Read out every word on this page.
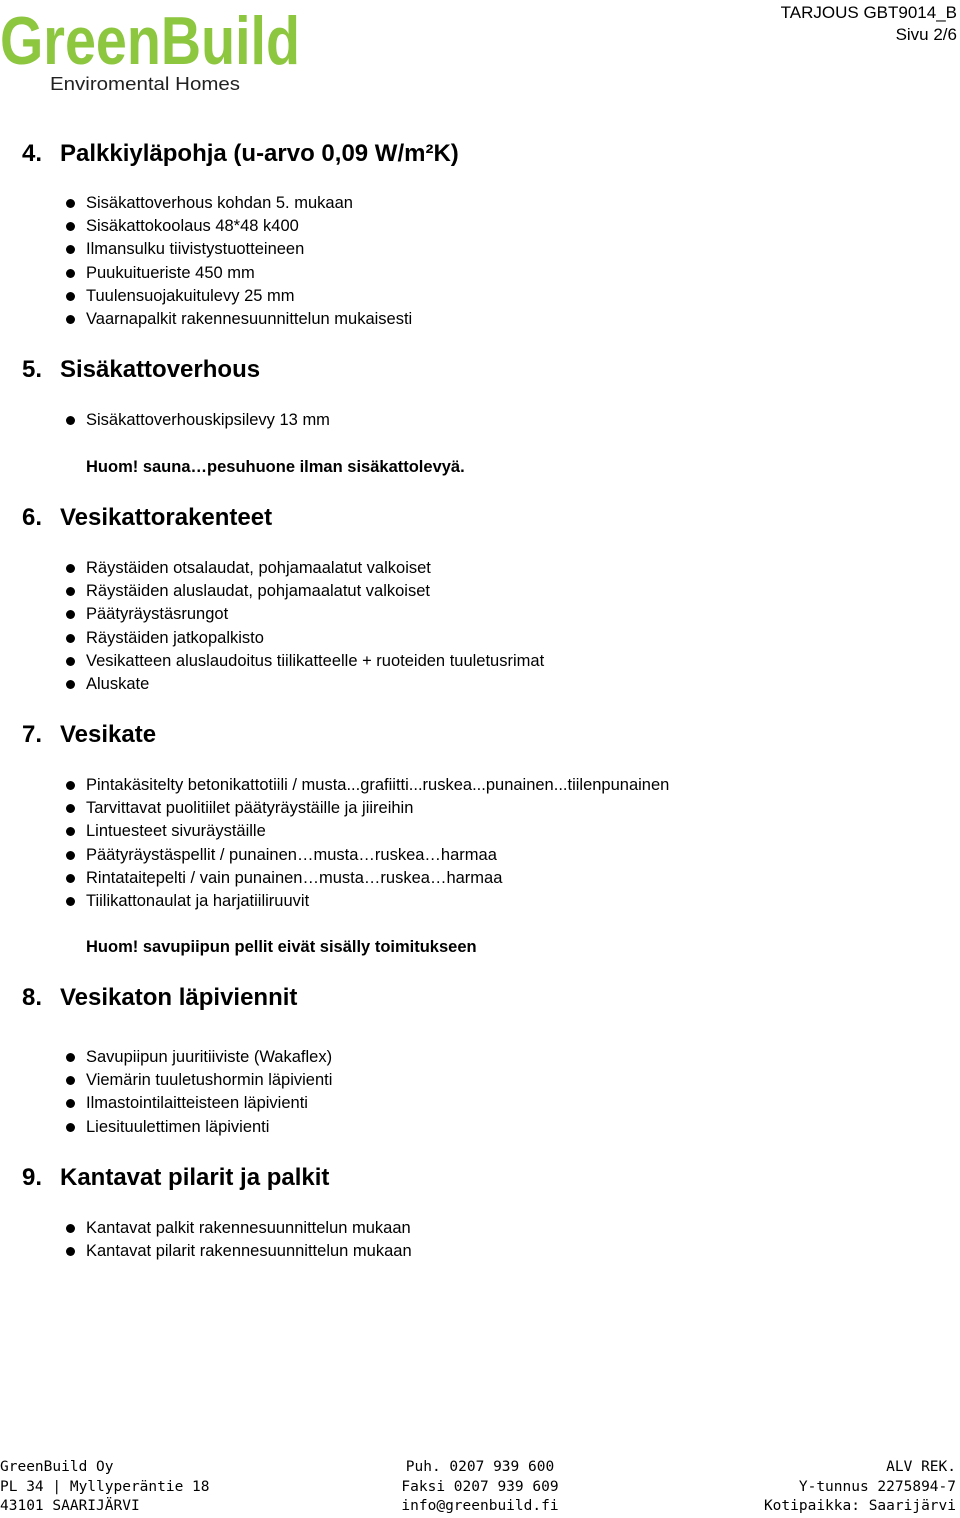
GreenBuild
Enviromental Homes
TARJOUS GBT9014_B
Sivu 2/6
4. Palkkiyläpohja (u-arvo 0,09 W/m²K)
Sisäkattoverhous kohdan 5. mukaan
Sisäkattokoolaus 48*48 k400
Ilmansulku tiivistystuotteineen
Puukuitueriste 450 mm
Tuulensuojakuitulevy 25 mm
Vaarnapalkit rakennesuunnittelun mukaisesti
5. Sisäkattoverhous
Sisäkattoverhouskipsilevy 13 mm
Huom! sauna…pesuhuone ilman sisäkattolevyä.
6. Vesikattorakenteet
Räystäiden otsalaudat, pohjamaalatut valkoiset
Räystäiden aluslaudat, pohjamaalatut valkoiset
Päätyräystäsrungot
Räystäiden jatkopalkisto
Vesikatteen aluslaudoitus tiilikatteelle + ruoteiden tuuletusrimat
Aluskate
7. Vesikate
Pintakäsitelty betonikattotiili / musta...grafiitti...ruskea...punainen...tiilenpunainen
Tarvittavat puolitiilet päätyräystäille ja jiireihin
Lintuesteet sivuräystäille
Päätyräystäspellit / punainen…musta…ruskea…harmaa
Rintataitepelti / vain punainen…musta…ruskea…harmaa
Tiilikattonaulat ja harjatiiliruuvit
Huom! savupiipun pellit eivät sisälly toimitukseen
8. Vesikaton läpiviennit
Savupiipun juuritiiviste (Wakaflex)
Viemärin tuuletushormin läpivienti
Ilmastointilaitteisteen läpivienti
Liesituulettimen läpivienti
9. Kantavat pilarit ja palkit
Kantavat palkit rakennesuunnittelun mukaan
Kantavat pilarit rakennesuunnittelun mukaan
GreenBuild Oy
PL 34 | Myllyperäntie 18
43101 SAARIJÄRVI
Puh. 0207 939 600
Faksi 0207 939 609
info@greenbuild.fi
ALV REK.
Y-tunnus 2275894-7
Kotipaikka: Saarijärvi
